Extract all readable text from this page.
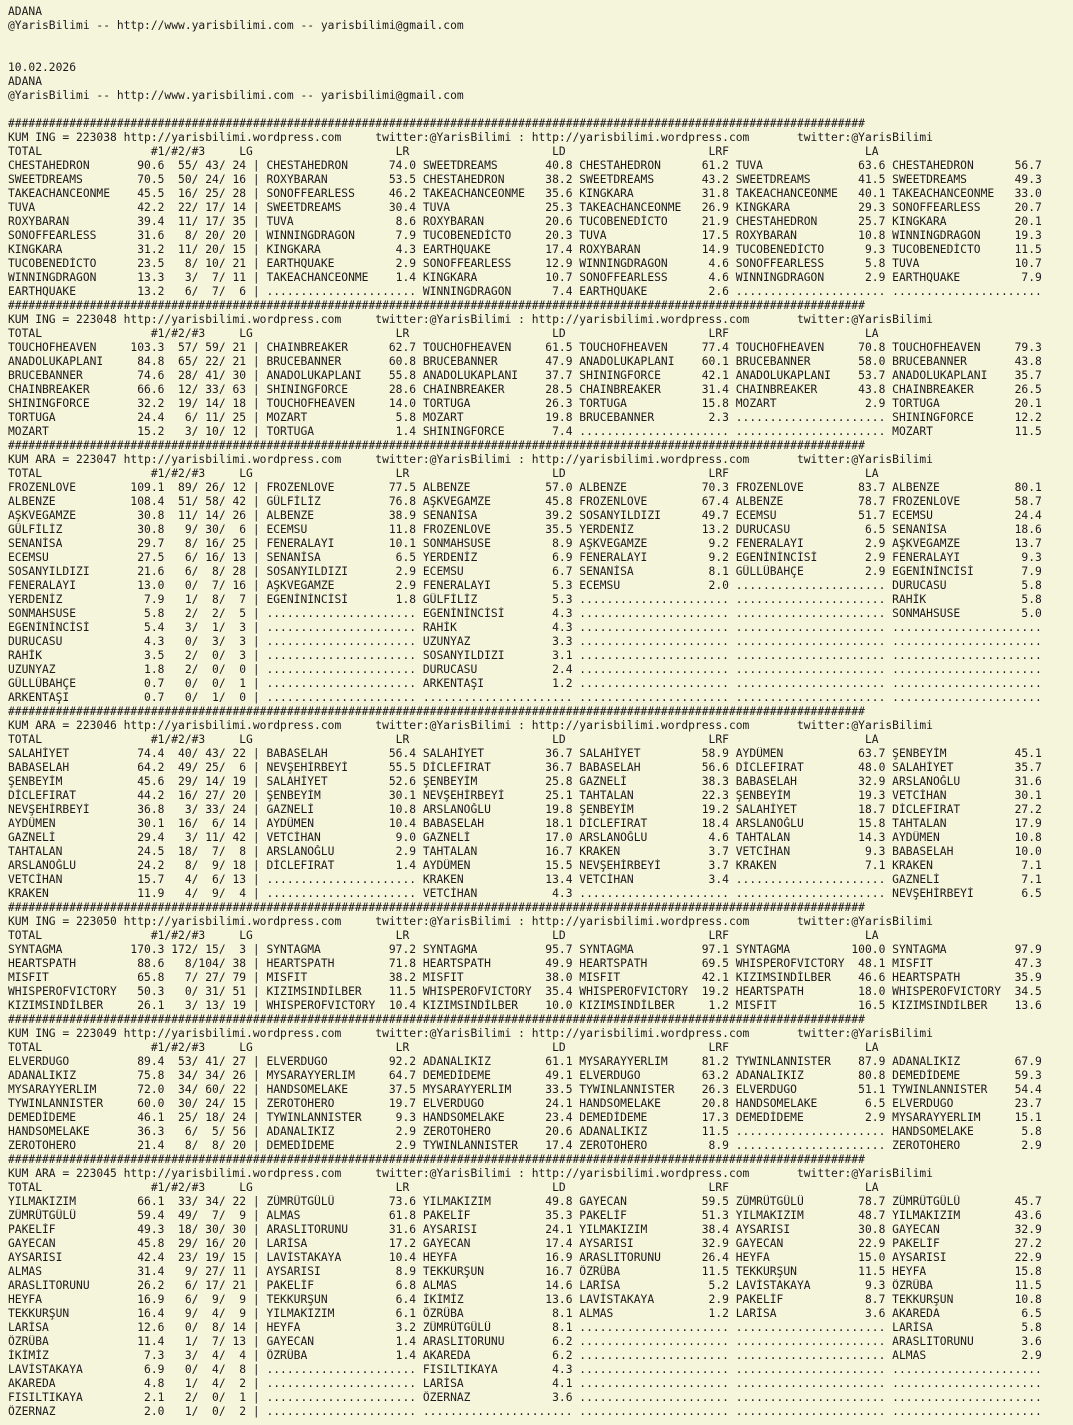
ADANA
@YarisBilimi -- http://www.yarisbilimi.com -- yarisbilimi@gmail.com

10.02.2026
ADANA
@YarisBilimi -- http://www.yarisbilimi.com -- yarisbilimi@gmail.com

##############################################################################################################################
KUM ING = 223038 http://yarisbilimi.wordpress.com     twitter:@YarisBilimi : http://yarisbilimi.wordpress.com       twitter:@YarisBilimi
TOTAL                #1/#2/#3     LG                     LR                     LD                     LRF                    LA
CHESTAHEDRON       90.6  55/ 43/ 24 | CHESTAHEDRON      74.0 SWEETDREAMS       40.8 CHESTAHEDRON      61.2 TUVA              63.6 CHESTAHEDRON      56.7
SWEETDREAMS        70.5  50/ 24/ 16 | ROXYBARAN         53.5 CHESTAHEDRON      38.2 SWEETDREAMS       43.2 SWEETDREAMS       41.5 SWEETDREAMS       49.3
TAKEACHANCEONME    45.5  16/ 25/ 28 | SONOFFEARLESS     46.2 TAKEACHANCEONME   35.6 KINGKARA          31.8 TAKEACHANCEONME   40.1 TAKEACHANCEONME   33.0
TUVA               42.2  22/ 17/ 14 | SWEETDREAMS       30.4 TUVA              25.3 TAKEACHANCEONME   26.9 KINGKARA          29.3 SONOFFEARLESS     20.7
ROXYBARAN          39.4  11/ 17/ 35 | TUVA               8.6 ROXYBARAN         20.6 TUCOBENEDİCTO     21.9 CHESTAHEDRON      25.7 KINGKARA          20.1
SONOFFEARLESS      31.6   8/ 20/ 20 | WINNINGDRAGON      7.9 TUCOBENEDİCTO     20.3 TUVA              17.5 ROXYBARAN         10.8 WINNINGDRAGON     19.3
KINGKARA           31.2  11/ 20/ 15 | KINGKARA           4.3 EARTHQUAKE        17.4 ROXYBARAN         14.9 TUCOBENEDİCTO      9.3 TUCOBENEDİCTO     11.5
TUCOBENEDİCTO      23.5   8/ 10/ 21 | EARTHQUAKE         2.9 SONOFFEARLESS     12.9 WINNINGDRAGON      4.6 SONOFFEARLESS      5.8 TUVA              10.7
WINNINGDRAGON      13.3   3/  7/ 11 | TAKEACHANCEONME    1.4 KINGKARA          10.7 SONOFFEARLESS      4.6 WINNINGDRAGON      2.9 EARTHQUAKE         7.9
EARTHQUAKE         13.2   6/  7/  6 | ...................... WINNINGDRAGON      7.4 EARTHQUAKE         2.6 ...................... ......................
##############################################################################################################################
KUM ING = 223048 http://yarisbilimi.wordpress.com     twitter:@YarisBilimi : http://yarisbilimi.wordpress.com       twitter:@YarisBilimi
TOTAL                #1/#2/#3     LG                     LR                     LD                     LRF                    LA
TOUCHOFHEAVEN     103.3  57/ 59/ 21 | CHAINBREAKER      62.7 TOUCHOFHEAVEN     61.5 TOUCHOFHEAVEN     77.4 TOUCHOFHEAVEN     70.8 TOUCHOFHEAVEN     79.3
ANADOLUKAPLANI     84.8  65/ 22/ 21 | BRUCEBANNER       60.8 BRUCEBANNER       47.9 ANADOLUKAPLANI    60.1 BRUCEBANNER       58.0 BRUCEBANNER       43.8
BRUCEBANNER        74.6  28/ 41/ 30 | ANADOLUKAPLANI    55.8 ANADOLUKAPLANI    37.7 SHININGFORCE      42.1 ANADOLUKAPLANI    53.7 ANADOLUKAPLANI    35.7
CHAINBREAKER       66.6  12/ 33/ 63 | SHININGFORCE      28.6 CHAINBREAKER      28.5 CHAINBREAKER      31.4 CHAINBREAKER      43.8 CHAINBREAKER      26.5
SHININGFORCE       32.2  19/ 14/ 18 | TOUCHOFHEAVEN     14.0 TORTUGA           26.3 TORTUGA           15.8 MOZART             2.9 TORTUGA           20.1
TORTUGA            24.4   6/ 11/ 25 | MOZART             5.8 MOZART            19.8 BRUCEBANNER        2.3 ...................... SHININGFORCE      12.2
MOZART             15.2   3/ 10/ 12 | TORTUGA            1.4 SHININGFORCE       7.4 ...................... ...................... MOZART            11.5
##############################################################################################################################
KUM ARA = 223047 http://yarisbilimi.wordpress.com     twitter:@YarisBilimi : http://yarisbilimi.wordpress.com       twitter:@YarisBilimi
TOTAL                #1/#2/#3     LG                     LR                     LD                     LRF                    LA
FROZENLOVE        109.1  89/ 26/ 12 | FROZENLOVE        77.5 ALBENZE           57.0 ALBENZE           70.3 FROZENLOVE        83.7 ALBENZE           80.1
ALBENZE           108.4  51/ 58/ 42 | GÜLFİLİZ          76.8 AŞKVEGAMZE        45.8 FROZENLOVE        67.4 ALBENZE           78.7 FROZENLOVE        58.7
AŞKVEGAMZE         30.8  11/ 14/ 26 | ALBENZE           38.9 SENANİSA          39.2 SOSANYILDIZI      49.7 ECEMSU            51.7 ECEMSU            24.4
GÜLFİLİZ           30.8   9/ 30/  6 | ECEMSU            11.8 FROZENLOVE        35.5 YERDENİZ          13.2 DURUCASU           6.5 SENANİSA          18.6
SENANİSA           29.7   8/ 16/ 25 | FENERALAYI        10.1 SONMAHSUSE         8.9 AŞKVEGAMZE         9.2 FENERALAYI         2.9 AŞKVEGAMZE        13.7
ECEMSU             27.5   6/ 16/ 13 | SENANİSA           6.5 YERDENİZ           6.9 FENERALAYI         9.2 EGENİNİNCİSİ       2.9 FENERALAYI         9.3
SOSANYILDIZI       21.6   6/  8/ 28 | SOSANYILDIZI       2.9 ECEMSU             6.7 SENANİSA           8.1 GÜLLÜBAHÇE         2.9 EGENİNİNCİSİ       7.9
FENERALAYI         13.0   0/  7/ 16 | AŞKVEGAMZE         2.9 FENERALAYI         5.3 ECEMSU             2.0 ...................... DURUCASU           5.8
YERDENİZ            7.9   1/  8/  7 | EGENİNİNCİSİ       1.8 GÜLFİLİZ           5.3 ...................... ...................... RAHİK              5.8
SONMAHSUSE          5.8   2/  2/  5 | ...................... EGENİNİNCİSİ       4.3 ...................... ...................... SONMAHSUSE         5.0
EGENİNİNCİSİ        5.4   3/  1/  3 | ...................... RAHİK              4.3 ...................... ...................... ......................
DURUCASU            4.3   0/  3/  3 | ...................... UZUNYAZ            3.3 ...................... ...................... ......................
RAHİK               3.5   2/  0/  3 | ...................... SOSANYILDIZI       3.1 ...................... ...................... ......................
UZUNYAZ             1.8   2/  0/  0 | ...................... DURUCASU           2.4 ...................... ...................... ......................
GÜLLÜBAHÇE          0.7   0/  0/  1 | ...................... ARKENTAŞI          1.2 ...................... ...................... ......................
ARKENTAŞI           0.7   0/  1/  0 | ...................... ...................... ...................... ...................... ......................
##############################################################################################################################
KUM ARA = 223046 http://yarisbilimi.wordpress.com     twitter:@YarisBilimi : http://yarisbilimi.wordpress.com       twitter:@YarisBilimi
TOTAL                #1/#2/#3     LG                     LR                     LD                     LRF                    LA
SALAHİYET          74.4  40/ 43/ 22 | BABASELAH         56.4 SALAHİYET         36.7 SALAHİYET         58.9 AYDÜMEN           63.7 ŞENBEYİM          45.1
BABASELAH          64.2  49/ 25/  6 | NEVŞEHİRBEYİ      55.5 DİCLEFIRAT        36.7 BABASELAH         56.6 DİCLEFIRAT        48.0 SALAHİYET         35.7
ŞENBEYİM           45.6  29/ 14/ 19 | SALAHİYET         52.6 ŞENBEYİM          25.8 GAZNELİ           38.3 BABASELAH         32.9 ARSLANOĞLU        31.6
DİCLEFIRAT         44.2  16/ 27/ 20 | ŞENBEYİM          30.1 NEVŞEHİRBEYİ      25.1 TAHTALAN          22.3 ŞENBEYİM          19.3 VETCİHAN          30.1
NEVŞEHİRBEYİ       36.8   3/ 33/ 24 | GAZNELİ           10.8 ARSLANOĞLU        19.8 ŞENBEYİM          19.2 SALAHİYET         18.7 DİCLEFIRAT        27.2
AYDÜMEN            30.1  16/  6/ 14 | AYDÜMEN           10.4 BABASELAH         18.1 DİCLEFIRAT        18.4 ARSLANOĞLU        15.8 TAHTALAN          17.9
GAZNELİ            29.4   3/ 11/ 42 | VETCİHAN           9.0 GAZNELİ           17.0 ARSLANOĞLU         4.6 TAHTALAN          14.3 AYDÜMEN           10.8
TAHTALAN           24.5  18/  7/  8 | ARSLANOĞLU         2.9 TAHTALAN          16.7 KRAKEN             3.7 VETCİHAN           9.3 BABASELAH         10.0
ARSLANOĞLU         24.2   8/  9/ 18 | DİCLEFIRAT         1.4 AYDÜMEN           15.5 NEVŞEHİRBEYİ       3.7 KRAKEN             7.1 KRAKEN             7.1
VETCİHAN           15.7   4/  6/ 13 | ...................... KRAKEN            13.4 VETCİHAN           3.4 ...................... GAZNELİ            7.1
KRAKEN             11.9   4/  9/  4 | ...................... VETCİHAN           4.3 ...................... ...................... NEVŞEHİRBEYİ       6.5
##############################################################################################################################
KUM ING = 223050 http://yarisbilimi.wordpress.com     twitter:@YarisBilimi : http://yarisbilimi.wordpress.com       twitter:@YarisBilimi
TOTAL                #1/#2/#3     LG                     LR                     LD                     LRF                    LA
SYNTAGMA          170.3 172/ 15/  3 | SYNTAGMA          97.2 SYNTAGMA          95.7 SYNTAGMA          97.1 SYNTAGMA         100.0 SYNTAGMA          97.9
HEARTSPATH         88.6   8/104/ 38 | HEARTSPATH        71.8 HEARTSPATH        49.9 HEARTSPATH        69.5 WHISPEROFVICTORY  48.1 MISFIT            47.3
MISFIT             65.8   7/ 27/ 79 | MISFIT            38.2 MISFIT            38.0 MISFIT            42.1 KIZIMSINDİLBER    46.6 HEARTSPATH        35.9
WHISPEROFVICTORY   50.3   0/ 31/ 51 | KIZIMSINDİLBER    11.5 WHISPEROFVICTORY  35.4 WHISPEROFVICTORY  19.2 HEARTSPATH        18.0 WHISPEROFVICTORY  34.5
KIZIMSINDİLBER     26.1   3/ 13/ 19 | WHISPEROFVICTORY  10.4 KIZIMSINDİLBER    10.0 KIZIMSINDİLBER     1.2 MISFIT            16.5 KIZIMSINDİLBER    13.6
##############################################################################################################################
KUM ING = 223049 http://yarisbilimi.wordpress.com     twitter:@YarisBilimi : http://yarisbilimi.wordpress.com       twitter:@YarisBilimi
TOTAL                #1/#2/#3     LG                     LR                     LD                     LRF                    LA
ELVERDUGO          89.4  53/ 41/ 27 | ELVERDUGO         92.2 ADANALIKIZ        61.1 MYSARAYYERLIM     81.2 TYWINLANNISTER    87.9 ADANALIKIZ        67.9
ADANALIKIZ         75.8  34/ 34/ 26 | MYSARAYYERLIM     64.7 DEMEDİDEME        49.1 ELVERDUGO         63.2 ADANALIKIZ        80.8 DEMEDİDEME        59.3
MYSARAYYERLIM      72.0  34/ 60/ 22 | HANDSOMELAKE      37.5 MYSARAYYERLIM     33.5 TYWINLANNISTER    26.3 ELVERDUGO         51.1 TYWINLANNISTER    54.4
TYWINLANNISTER     60.0  30/ 24/ 15 | ZEROTOHERO        19.7 ELVERDUGO         24.1 HANDSOMELAKE      20.8 HANDSOMELAKE       6.5 ELVERDUGO         23.7
DEMEDİDEME         46.1  25/ 18/ 24 | TYWINLANNISTER     9.3 HANDSOMELAKE      23.4 DEMEDİDEME        17.3 DEMEDİDEME         2.9 MYSARAYYERLIM     15.1
HANDSOMELAKE       36.3   6/  5/ 56 | ADANALIKIZ         2.9 ZEROTOHERO        20.6 ADANALIKIZ        11.5 ...................... HANDSOMELAKE       5.8
ZEROTOHERO         21.4   8/  8/ 20 | DEMEDİDEME         2.9 TYWINLANNISTER    17.4 ZEROTOHERO         8.9 ...................... ZEROTOHERO         2.9
##############################################################################################################################
KUM ARA = 223045 http://yarisbilimi.wordpress.com     twitter:@YarisBilimi : http://yarisbilimi.wordpress.com       twitter:@YarisBilimi
TOTAL                #1/#2/#3     LG                     LR                     LD                     LRF                    LA
YILMAKIZIM         66.1  33/ 34/ 22 | ZÜMRÜTGÜLÜ        73.6 YILMAKIZIM        49.8 GAYECAN           59.5 ZÜMRÜTGÜLÜ        78.7 ZÜMRÜTGÜLÜ        45.7
ZÜMRÜTGÜLÜ         59.4  49/  7/  9 | ALMAS             61.8 PAKELİF           35.3 PAKELİF           51.3 YILMAKIZIM        48.7 YILMAKIZIM        43.6
PAKELİF            49.3  18/ 30/ 30 | ARASLITORUNU      31.6 AYSARISI          24.1 YILMAKIZIM        38.4 AYSARISI          30.8 GAYECAN           32.9
GAYECAN            45.8  29/ 16/ 20 | LARİSA            17.2 GAYECAN           17.4 AYSARISI          32.9 GAYECAN           22.9 PAKELİF           27.2
AYSARISI           42.4  23/ 19/ 15 | LAVİSTAKAYA       10.4 HEYFA             16.9 ARASLITORUNU      26.4 HEYFA             15.0 AYSARISI          22.9
ALMAS              31.4   9/ 27/ 11 | AYSARISI           8.9 TEKKURŞUN         16.7 ÖZRÜBA            11.5 TEKKURŞUN         11.5 HEYFA             15.8
ARASLITORUNU       26.2   6/ 17/ 21 | PAKELİF            6.8 ALMAS             14.6 LARİSA             5.2 LAVİSTAKAYA        9.3 ÖZRÜBA            11.5
HEYFA              16.9   6/  9/  9 | TEKKURŞUN          6.4 İKİMİZ            13.6 LAVİSTAKAYA        2.9 PAKELİF            8.7 TEKKURŞUN         10.8
TEKKURŞUN          16.4   9/  4/  9 | YILMAKIZIM         6.1 ÖZRÜBA             8.1 ALMAS              1.2 LARİSA             3.6 AKAREDA            6.5
LARİSA             12.6   0/  8/ 14 | HEYFA              3.2 ZÜMRÜTGÜLÜ         8.1 ...................... ...................... LARİSA             5.8
ÖZRÜBA             11.4   1/  7/ 13 | GAYECAN            1.4 ARASLITORUNU       6.2 ...................... ...................... ARASLITORUNU       3.6
İKİMİZ              7.3   3/  4/  4 | ÖZRÜBA             1.4 AKAREDA            6.2 ...................... ...................... ALMAS              2.9
LAVİSTAKAYA         6.9   0/  4/  8 | ...................... FISILTIKAYA        4.3 ...................... ...................... ......................
AKAREDA             4.8   1/  4/  2 | ...................... LARİSA             4.1 ...................... ...................... ......................
FISILTIKAYA         2.1   2/  0/  1 | ...................... ÖZERNAZ            3.6 ...................... ...................... ......................
ÖZERNAZ             2.0   1/  0/  2 | ...................... ...................... ...................... ...................... ......................
